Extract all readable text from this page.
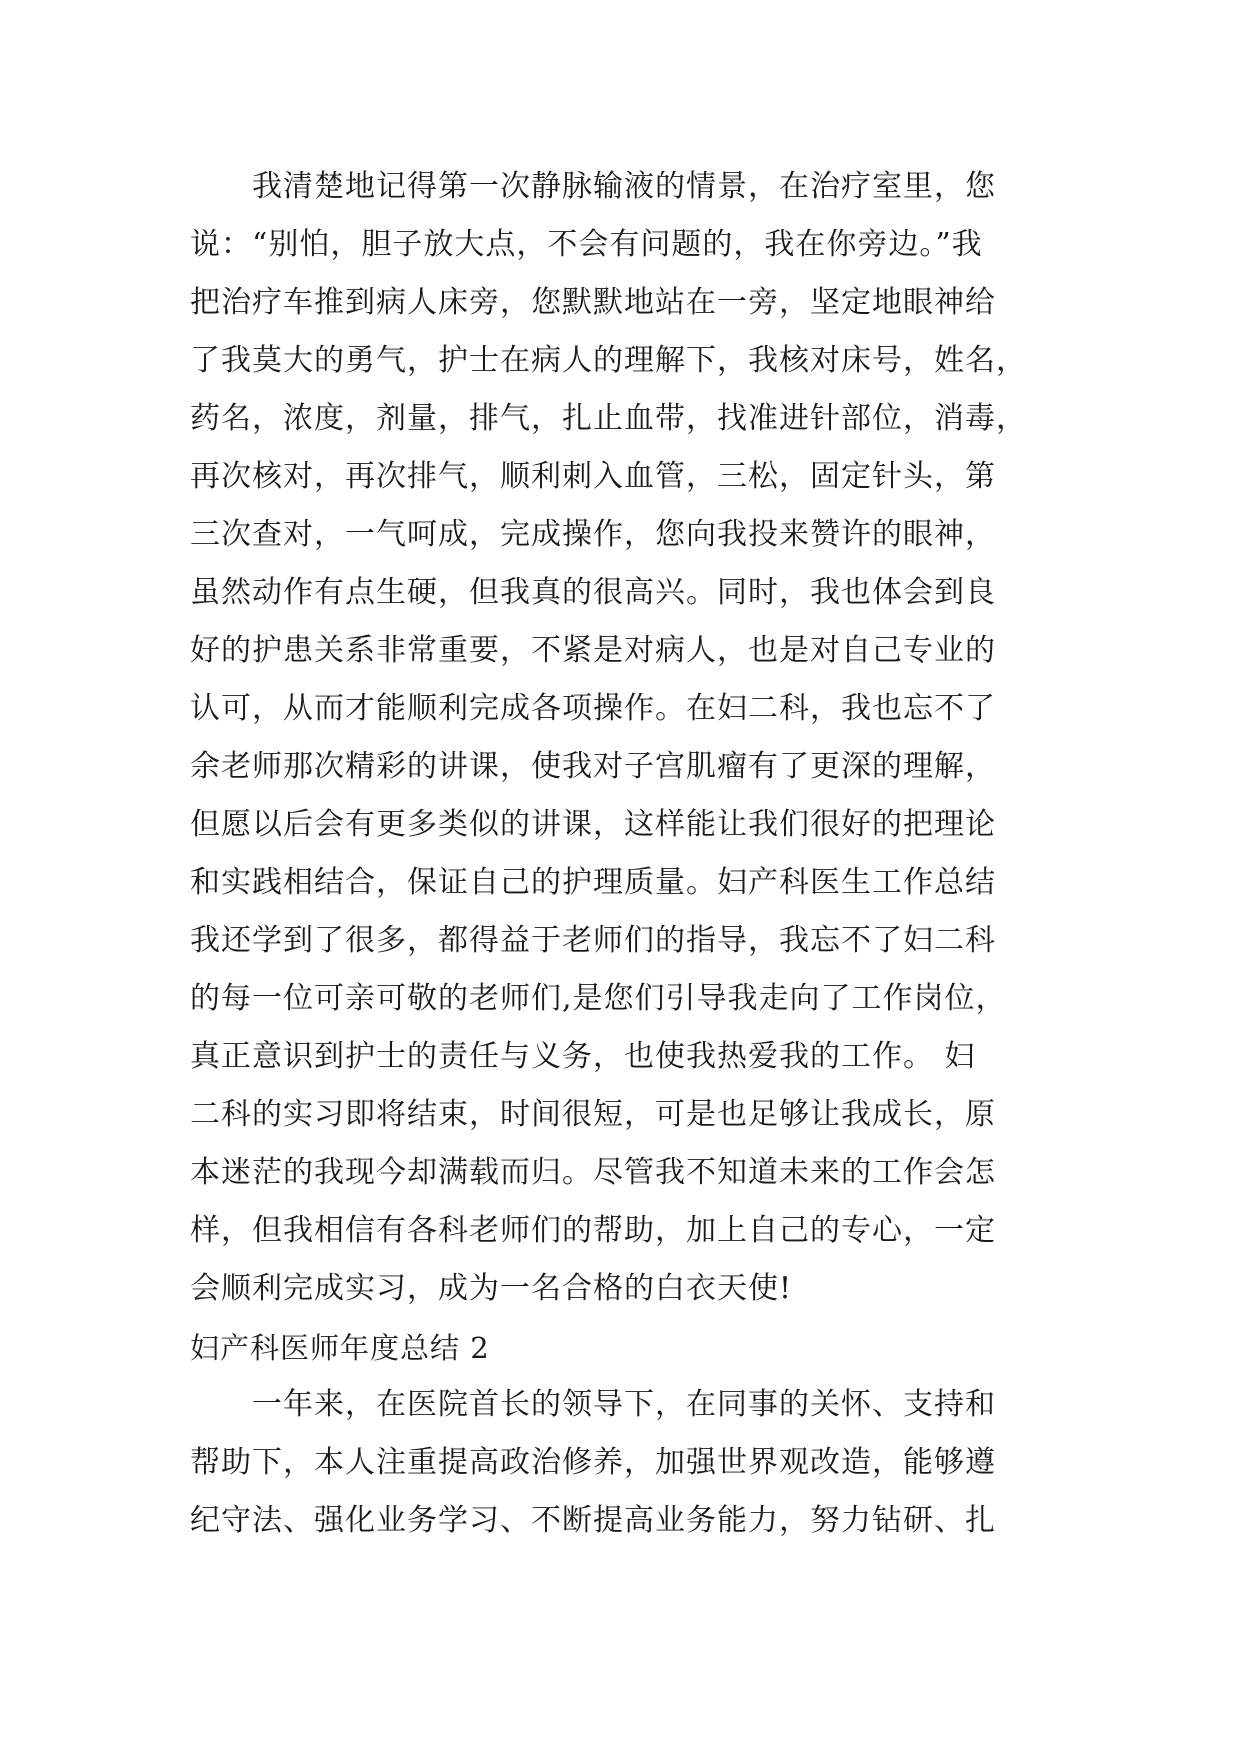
　　我清楚地记得第一次静脉输液的情景，在治疗室里，您
说：“别怕，胆子放大点，不会有问题的，我在你旁边。”我
把治疗车推到病人床旁，您默默地站在一旁，坚定地眼神给
了我莫大的勇气，护士在病人的理解下，我核对床号，姓名，
药名，浓度，剂量，排气，扎止血带，找准进针部位，消毒，
再次核对，再次排气，顺利刺入血管，三松，固定针头，第
三次查对，一气呵成，完成操作，您向我投来赞许的眼神，
虽然动作有点生硬，但我真的很高兴。同时，我也体会到良
好的护患关系非常重要，不紧是对病人，也是对自己专业的
认可，从而才能顺利完成各项操作。在妇二科，我也忘不了
余老师那次精彩的讲课，使我对子宫肌瘤有了更深的理解，
但愿以后会有更多类似的讲课，这样能让我们很好的把理论
和实践相结合，保证自己的护理质量。妇产科医生工作总结
我还学到了很多，都得益于老师们的指导，我忘不了妇二科
的每一位可亲可敬的老师们,是您们引导我走向了工作岗位，
真正意识到护士的责任与义务，也使我热爱我的工作。 妇
二科的实习即将结束，时间很短，可是也足够让我成长，原
本迷茫的我现今却满载而归。尽管我不知道未来的工作会怎
样，但我相信有各科老师们的帮助，加上自己的专心，一定
会顺利完成实习，成为一名合格的白衣天使!
妇产科医师年度总结 2
　　一年来，在医院首长的领导下，在同事的关怀、支持和
帮助下，本人注重提高政治修养，加强世界观改造，能够遵
纪守法、强化业务学习、不断提高业务能力，努力钻研、扎
